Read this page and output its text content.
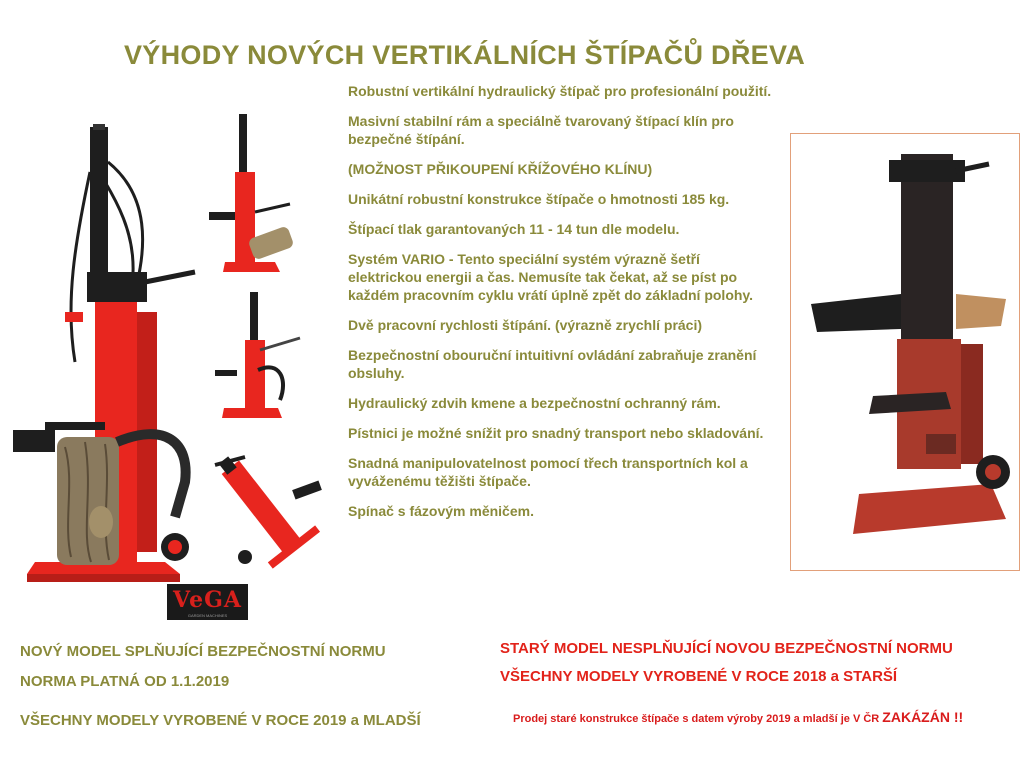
VÝHODY NOVÝCH VERTIKÁLNÍCH ŠTÍPAČŮ DŘEVA
Robustní vertikální hydraulický štípač pro profesionální použití.
Masivní stabilní rám a speciálně tvarovaný štípací klín pro bezpečné štípání.
(MOŽNOST PŘIKOUPENÍ KŘÍŽOVÉHO KLÍNU)
Unikátní robustní konstrukce štípače o hmotnosti 185 kg.
Štípací tlak garantovaných 11 - 14 tun dle modelu.
Systém VARIO - Tento speciální systém výrazně šetří elektrickou energii a čas. Nemusíte tak čekat, až se píst po každém pracovním cyklu vrátí úplně zpět do základní polohy.
Dvě pracovní rychlosti štípání. (výrazně zrychlí práci)
Bezpečnostní obouruční intuitivní ovládání zabraňuje zranění obsluhy.
Hydraulický zdvih kmene a bezpečnostní ochranný rám.
Pístnici je možné snížit pro snadný transport nebo skladování.
Snadná manipulovatelnost pomocí třech transportních kol a vyváženému těžišti štípače.
Spínač s fázovým měničem.
VeGA
GARDEN MACHINES
NOVÝ MODEL SPLŇUJÍCÍ BEZPEČNOSTNÍ NORMU
NORMA PLATNÁ OD 1.1.2019
VŠECHNY MODELY VYROBENÉ V ROCE 2019 a MLADŠÍ
STARÝ MODEL NESPLŇUJÍCÍ NOVOU BEZPEČNOSTNÍ NORMU
VŠECHNY MODELY VYROBENÉ V ROCE 2018 a STARŠÍ
Prodej staré konstrukce štípače s datem výroby 2019 a mladší je V ČR ZAKÁZÁN !!
